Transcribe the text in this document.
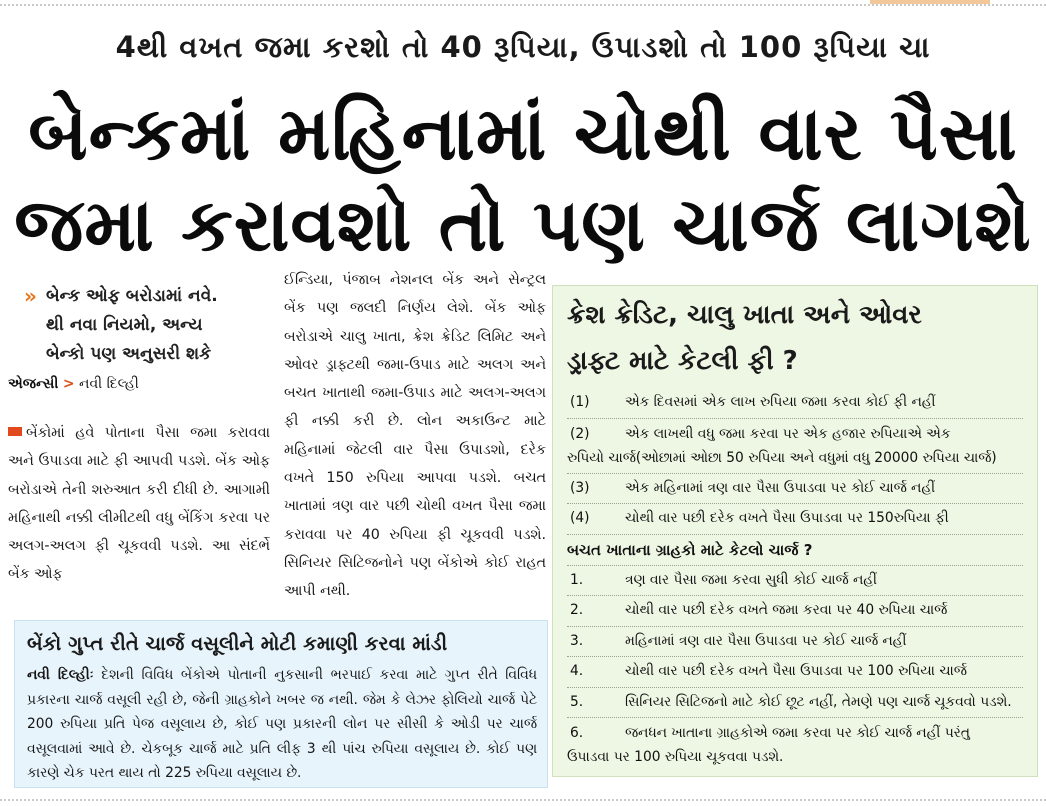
4થી વખત જમા કરશો તો 40 રૂપિયા, ઉપાડશો તો 100 રૂપિયા ચા
બેન્કમાં મહિનામાં ચોથી વાર પૈસા
જમા કરાવશો તો પણ ચાર્જ લાગશે
» બેન્ક ઓફ બરોડામાં નવે.
થી નવા નિયમો, અન્ય
બેન્કો પણ અનુસરી શકે
એજન્સી > નવી દિલ્હી

બેંકોમાં હવે પોતાના પૈસા જમા કરાવવા અને ઉપાડવા માટે ફી આપવી પડશે. બેંક ઓફ બરોડાએ તેની શરુઆત કરી દીધી છે. આગામી મહિનાથી નક્કી લીમીટથી વધુ બેંકિંગ કરવા પર અલગ-અલગ ફી ચૂકવવી પડશે. આ સંદર્ભે બેંક ઓફ

ઈન્ડિયા, પંજાબ નેશનલ બેંક અને સેન્ટ્રલ બેંક પણ જલદી નિર્ણય લેશે. બેંક ઓફ બરોડાએ ચાલુ ખાતા, ક્રેશ ક્રેડિટ લિમિટ અને ઓવર ડ્રાફ્ટથી જમા-ઉપાડ માટે અલગ અને બચત ખાતાથી જમા-ઉપાડ માટે અલગ-અલગ ફી નક્કી કરી છે. લોન અકાઉન્ટ માટે મહિનામાં જેટલી વાર પૈસા ઉપાડશો, દરેક વખતે 150 રુપિયા આપવા પડશે. બચત ખાતામાં ત્રણ વાર પછી ચોથી વખત પૈસા જમા કરાવવા પર 40 રુપિયા ફી ચૂકવવી પડશે. સિનિયર સિટિજનોને પણ બેંકોએ કોઈ રાહત આપી નથી.

ક્રેશ ક્રેડિટ, ચાલુ ખાતા અને ઓવર
ડ્રાફ્ટ માટે કેટલી ફી ?
(1)	એક દિવસમાં એક લાખ રુપિયા જમા કરવા કોઈ ફી નહીં
(2)	એક લાખથી વધુ જમા કરવા પર એક હજાર રુપિયાએ એક
રુપિયો ચાર્જ(ઓછામાં ઓછા 50 રુપિયા અને વધુમાં વધુ 20000 રુપિયા ચાર્જ)
(3)	એક મહિનામાં ત્રણ વાર પૈસા ઉપાડવા પર કોઈ ચાર્જ નહીં
(4)	ચોથી વાર પછી દરેક વખતે પૈસા ઉપાડવા પર 150રુપિયા ફી
બચત ખાતાના ગ્રાહકો માટે કેટલો ચાર્જ ?
1.	ત્રણ વાર પૈસા જમા કરવા સુધી કોઈ ચાર્જ નહીં
2.	ચોથી વાર પછી દરેક વખતે જમા કરવા પર 40 રુપિયા ચાર્જ
3.	મહિનામાં ત્રણ વાર પૈસા ઉપાડવા પર કોઈ ચાર્જ નહીં
4.	ચોથી વાર પછી દરેક વખતે પૈસા ઉપાડવા પર 100 રુપિયા ચાર્જ
5.	સિનિયર સિટિજનો માટે કોઈ છૂટ નહીં, તેમણે પણ ચાર્જ ચૂકવવો પડશે.
6.	જનધન ખાતાના ગ્રાહકોએ જમા કરવા પર કોઈ ચાર્જ નહીં પરંતુ
ઉપાડવા પર 100 રુપિયા ચૂકવવા પડશે.
બેંકો ગુપ્ત રીતે ચાર્જ વસૂલીને મોટી કમાણી કરવા માંડી

નવી દિલ્હીઃ દેશની વિવિધ બેંકોએ પોતાની નુકસાની ભરપાઈ કરવા માટે ગુપ્ત રીતે વિવિધ પ્રકારના ચાર્જ વસૂલી રહી છે, જેની ગ્રાહકોને ખબર જ નથી. જેમ કે લેઝર ફોલિયો ચાર્જ પેટે 200 રુપિયા પ્રતિ પેજ વસૂલાય છે, કોઈ પણ પ્રકારની લોન પર સીસી કે ઓડી પર ચાર્જ વસૂલવામાં આવે છે. ચેકબૂક ચાર્જ માટે પ્રતિ લીફ 3 થી પાંચ રુપિયા વસૂલાય છે. કોઈ પણ કારણે ચેક પરત થાય તો 225 રુપિયા વસૂલાય છે.
